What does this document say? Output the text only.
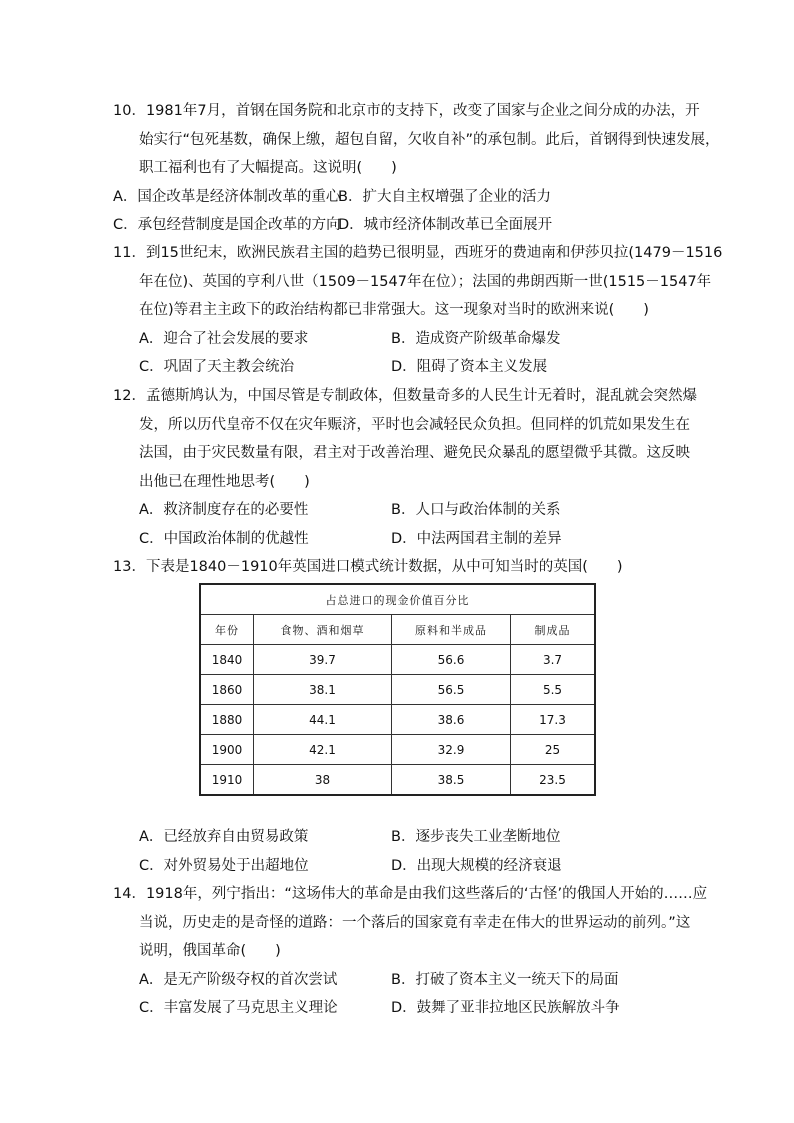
10．1981年7月，首钢在国务院和北京市的支持下，改变了国家与企业之间分成的办法，开
始实行“包死基数，确保上缴，超包自留，欠收自补”的承包制。此后，首钢得到快速发展，
职工福利也有了大幅提高。这说明(　　)
A．国企改革是经济体制改革的重心
B．扩大自主权增强了企业的活力
C．承包经营制度是国企改革的方向
D．城市经济体制改革已全面展开
11．到15世纪末，欧洲民族君主国的趋势已很明显，西班牙的费迪南和伊莎贝拉(1479－1516
年在位)、英国的亨利八世（1509－1547年在位）；法国的弗朗西斯一世(1515－1547年
在位)等君主主政下的政治结构都已非常强大。这一现象对当时的欧洲来说(　　)
A．迎合了社会发展的要求	B．造成资产阶级革命爆发
C．巩固了天主教会统治	D．阻碍了资本主义发展
12．孟德斯鸠认为，中国尽管是专制政体，但数量奇多的人民生计无着时，混乱就会突然爆
发，所以历代皇帝不仅在灾年赈济，平时也会减轻民众负担。但同样的饥荒如果发生在
法国，由于灾民数量有限，君主对于改善治理、避免民众暴乱的愿望微乎其微。这反映
出他已在理性地思考(　　)
A．救济制度存在的必要性	B．人口与政治体制的关系
C．中国政治体制的优越性	D．中法两国君主制的差异
13．下表是1840－1910年英国进口模式统计数据，从中可知当时的英国(　　)
占总进口的现金价值百分比			
年份	食物、酒和烟草	原料和半成品	制成品
1840	39.7	56.6	3.7
1860	38.1	56.5	5.5
1880	44.1	38.6	17.3
1900	42.1	32.9	25
1910	38	38.5	23.5
A．已经放弃自由贸易政策	B．逐步丧失工业垄断地位
C．对外贸易处于出超地位	D．出现大规模的经济衰退
14．1918年，列宁指出：“这场伟大的革命是由我们这些落后的‘古怪’的俄国人开始的……应
当说，历史走的是奇怪的道路：一个落后的国家竟有幸走在伟大的世界运动的前列。”这
说明，俄国革命(　　)
A．是无产阶级夺权的首次尝试	B．打破了资本主义一统天下的局面
C．丰富发展了马克思主义理论	D．鼓舞了亚非拉地区民族解放斗争
